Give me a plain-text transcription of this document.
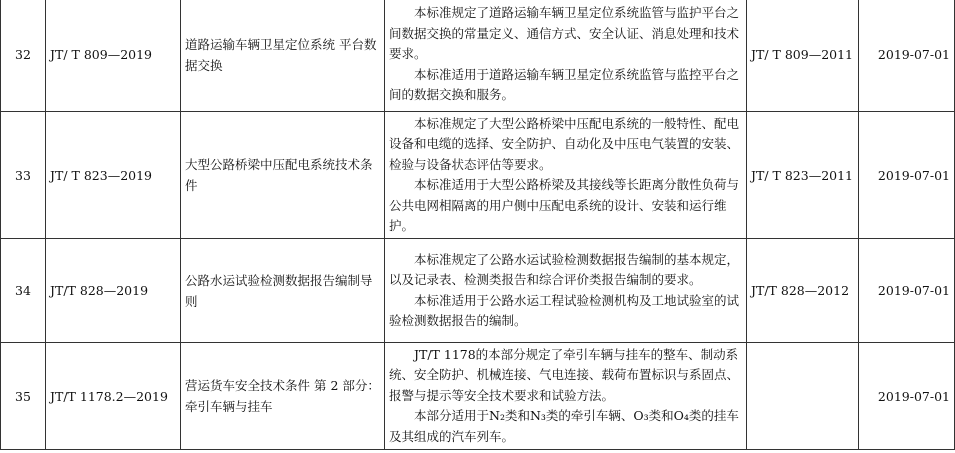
32	JT/ T 809—2019	道路运输车辆卫星定位系统 平台数据交换	本标准规定了道路运输车辆卫星定位系统监管与监护平台之间数据交换的常量定义、通信方式、安全认证、消息处理和技术要求。

本标准适用于道路运输车辆卫星定位系统监管与监控平台之间的数据交换和服务。	JT/ T 809—2011	2019-07-01
33	JT/ T 823—2019	大型公路桥梁中压配电系统技术条件	本标准规定了大型公路桥梁中压配电系统的一般特性、配电设备和电缆的选择、安全防护、自动化及中压电气装置的安装、检验与设备状态评估等要求。

本标准适用于大型公路桥梁及其接线等长距离分散性负荷与公共电网相隔离的用户侧中压配电系统的设计、安装和运行维护。	JT/ T 823—2011	2019-07-01
34	JT/T 828—2019	公路水运试验检测数据报告编制导则	本标准规定了公路水运试验检测数据报告编制的基本规定，以及记录表、检测类报告和综合评价类报告编制的要求。

本标准适用于公路水运工程试验检测机构及工地试验室的试验检测数据报告的编制。	JT/T 828—2012	2019-07-01
35	JT/T 1178.2—2019	营运货车安全技术条件 第 2 部分：牵引车辆与挂车	JT/T 1178的本部分规定了牵引车辆与挂车的整车、制动系统、安全防护、机械连接、气电连接、载荷布置标识与系固点、报警与提示等安全技术要求和试验方法。

本部分适用于N₂类和N₃类的牵引车辆、O₃类和O₄类的挂车及其组成的汽车列车。		2019-07-01
